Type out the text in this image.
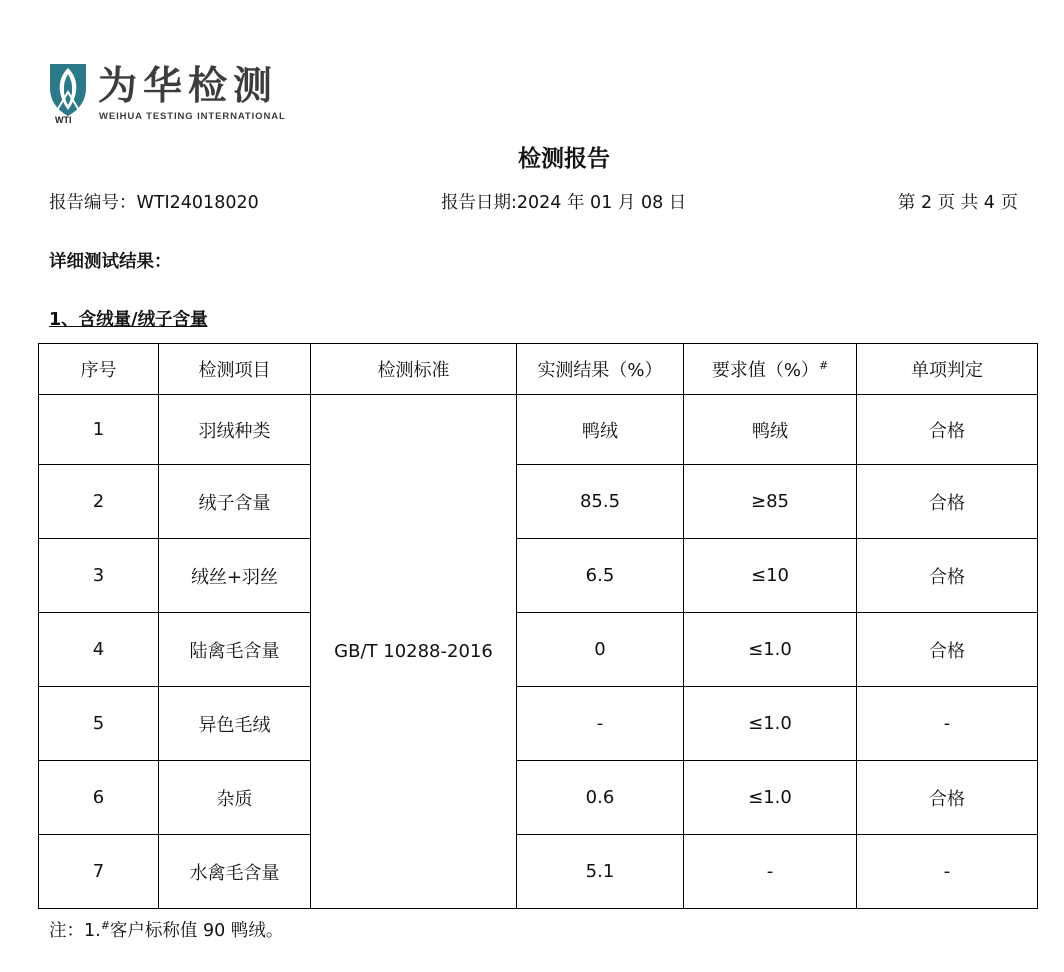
WTI
为华检测
WEIHUA TESTING INTERNATIONAL
检测报告
报告编号：WTI24018020	报告日期:2024 年 01 月 08 日	第 2 页 共 4 页
详细测试结果：
1、含绒量/绒子含量
序号	检测项目	检测标准	实测结果（%）	要求值（%）#	单项判定
1	羽绒种类	GB/T 10288-2016	鸭绒	鸭绒	合格
2	绒子含量		85.5	≥85	合格
3	绒丝+羽丝		6.5	≤10	合格
4	陆禽毛含量		0	≤1.0	合格
5	异色毛绒		-	≤1.0	-
6	杂质		0.6	≤1.0	合格
7	水禽毛含量		5.1	-	-
注：1.#客户标称值 90 鸭绒。
